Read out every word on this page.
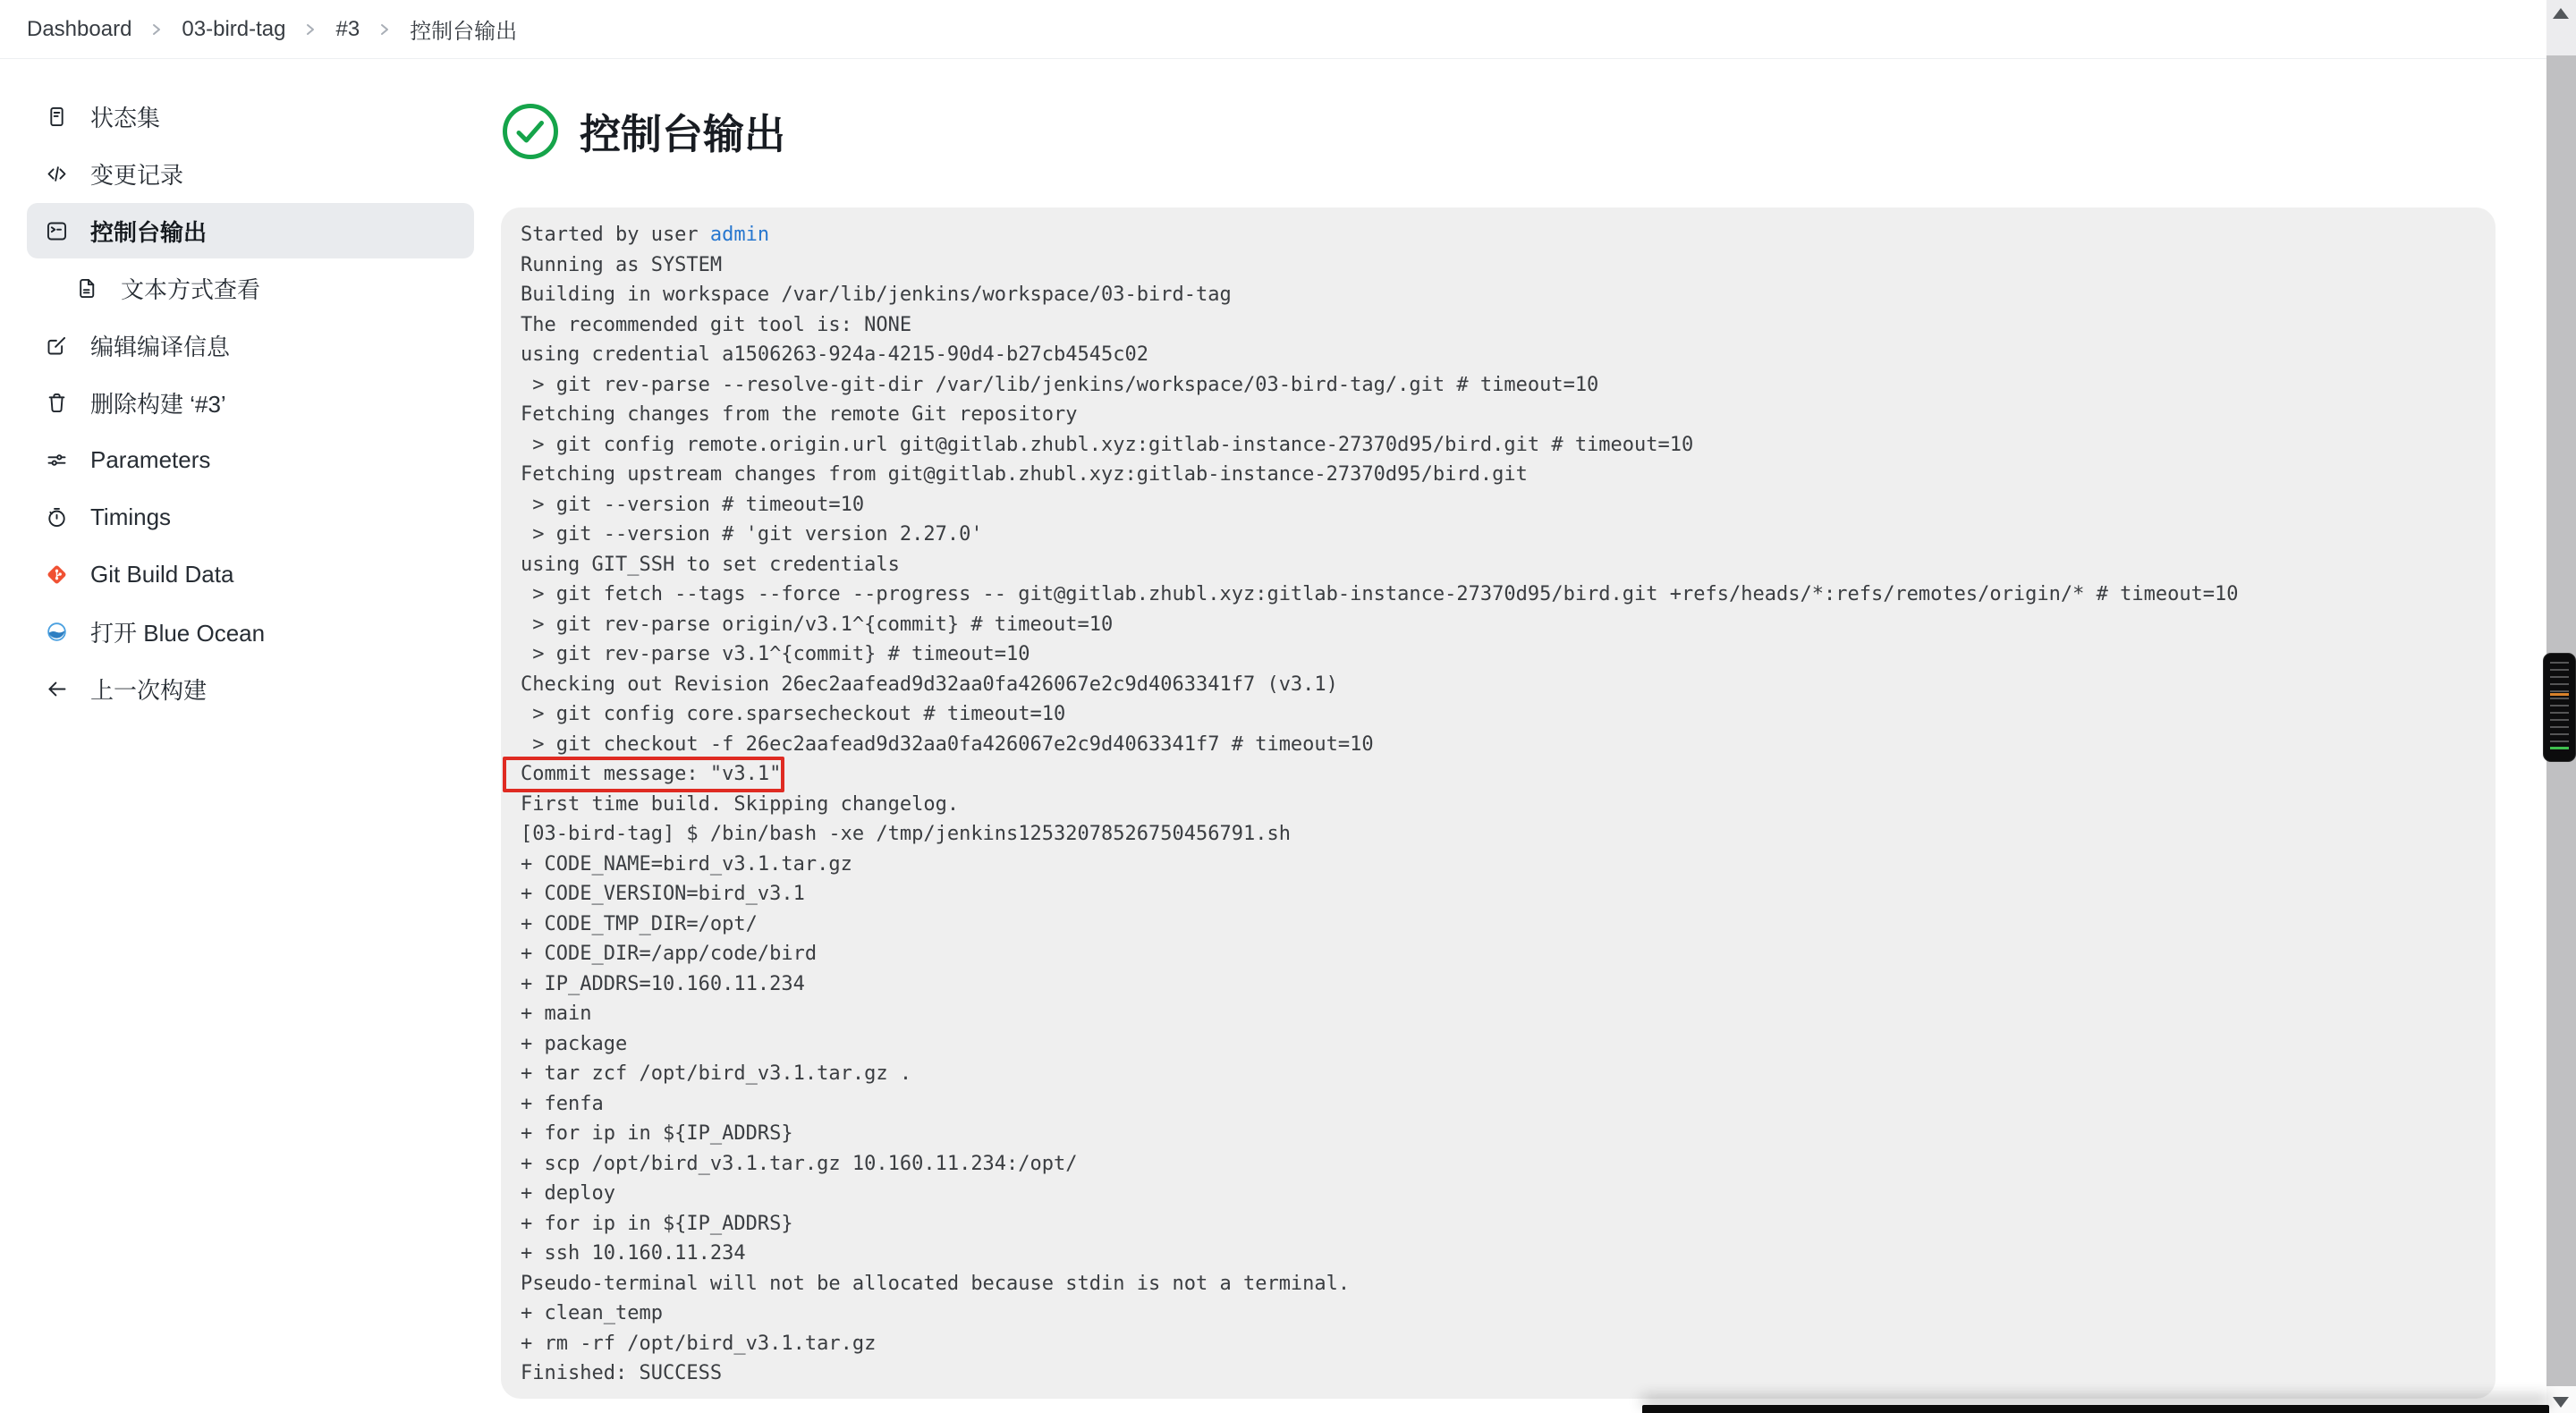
Dashboard 03-bird-tag #3 控制台输出
状态集
变更记录
控制台输出
文本方式查看
编辑编译信息
删除构建 ‘#3’
Parameters
Timings
Git Build Data
打开 Blue Ocean
上一次构建
控制台输出
Started by user admin
Running as SYSTEM
Building in workspace /var/lib/jenkins/workspace/03-bird-tag
The recommended git tool is: NONE
using credential a1506263-924a-4215-90d4-b27cb4545c02
> git rev-parse --resolve-git-dir /var/lib/jenkins/workspace/03-bird-tag/.git # timeout=10
Fetching changes from the remote Git repository
> git config remote.origin.url git@gitlab.zhubl.xyz:gitlab-instance-27370d95/bird.git # timeout=10
Fetching upstream changes from git@gitlab.zhubl.xyz:gitlab-instance-27370d95/bird.git
> git --version # timeout=10
> git --version # 'git version 2.27.0'
using GIT_SSH to set credentials
> git fetch --tags --force --progress -- git@gitlab.zhubl.xyz:gitlab-instance-27370d95/bird.git +refs/heads/*:refs/remotes/origin/* # timeout=10
> git rev-parse origin/v3.1^{commit} # timeout=10
> git rev-parse v3.1^{commit} # timeout=10
Checking out Revision 26ec2aafead9d32aa0fa426067e2c9d4063341f7 (v3.1)
> git config core.sparsecheckout # timeout=10
> git checkout -f 26ec2aafead9d32aa0fa426067e2c9d4063341f7 # timeout=10
Commit message: "v3.1"
First time build. Skipping changelog.
[03-bird-tag] $ /bin/bash -xe /tmp/jenkins12532078526750456791.sh
+ CODE_NAME=bird_v3.1.tar.gz
+ CODE_VERSION=bird_v3.1
+ CODE_TMP_DIR=/opt/
+ CODE_DIR=/app/code/bird
+ IP_ADDRS=10.160.11.234
+ main
+ package
+ tar zcf /opt/bird_v3.1.tar.gz .
+ fenfa
+ for ip in ${IP_ADDRS}
+ scp /opt/bird_v3.1.tar.gz 10.160.11.234:/opt/
+ deploy
+ for ip in ${IP_ADDRS}
+ ssh 10.160.11.234
Pseudo-terminal will not be allocated because stdin is not a terminal.
+ clean_temp
+ rm -rf /opt/bird_v3.1.tar.gz
Finished: SUCCESS
